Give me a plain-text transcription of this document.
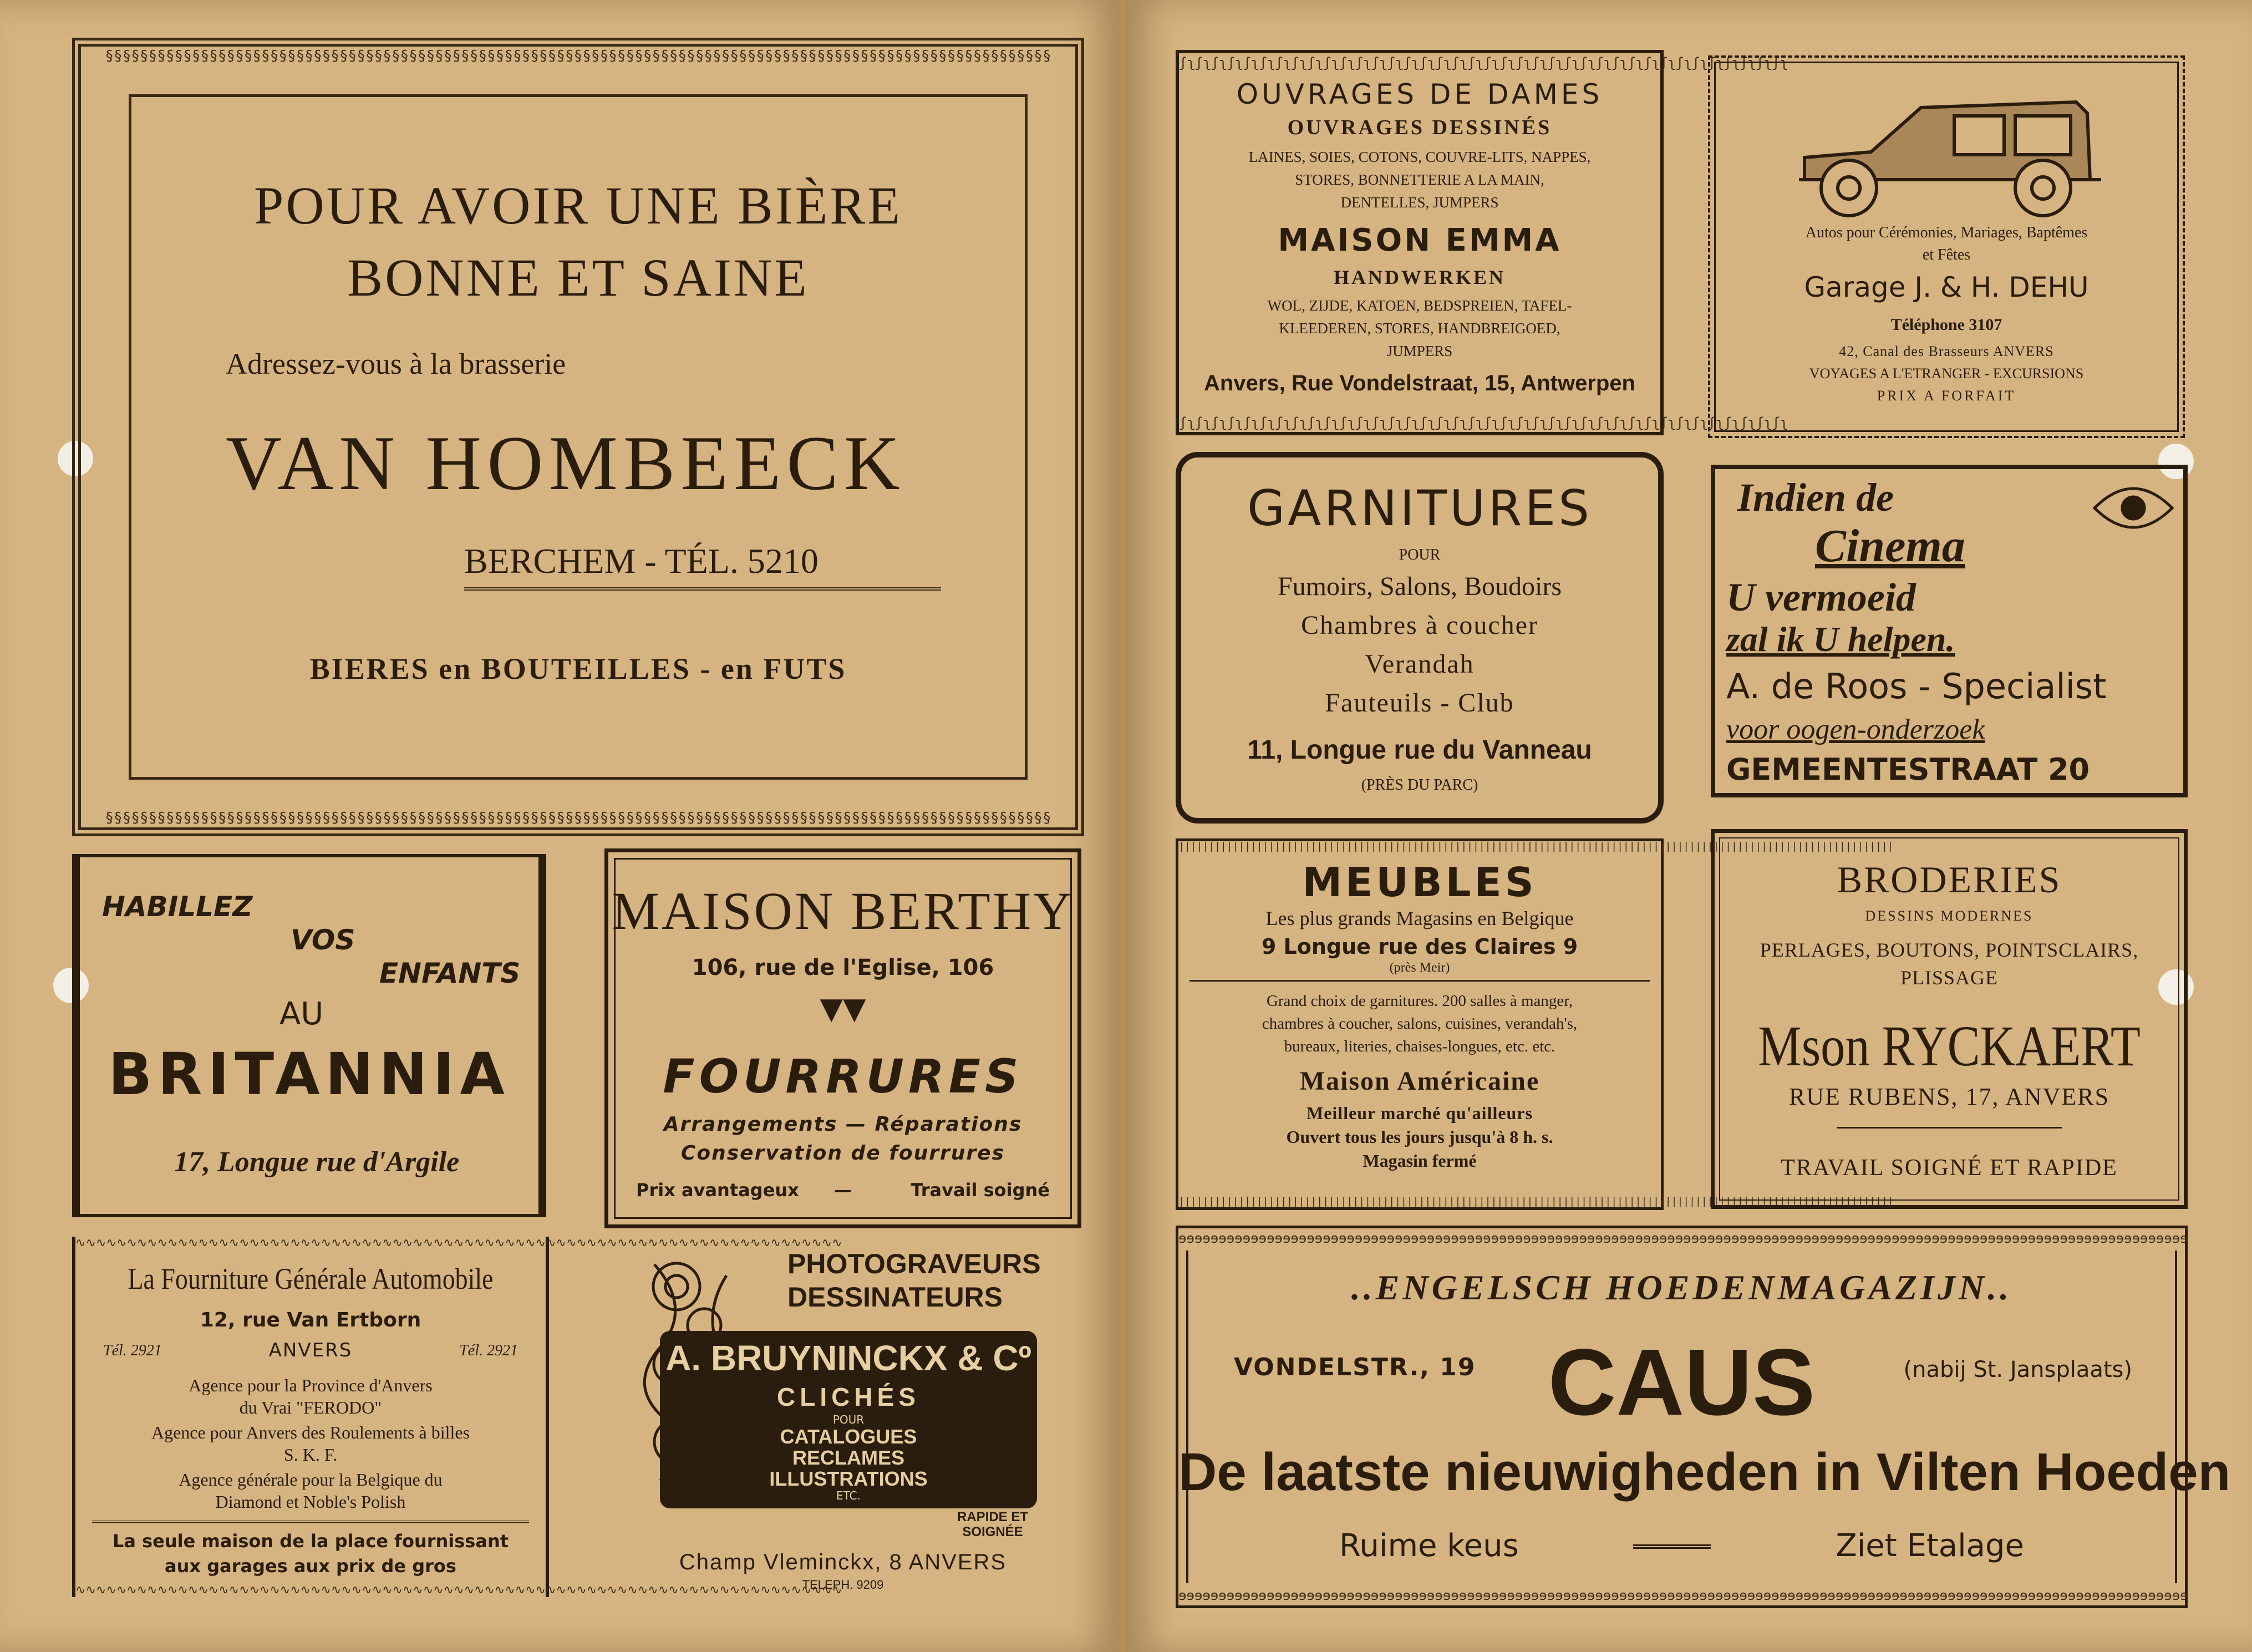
§§§§§§§§§§§§§§§§§§§§§§§§§§§§§§§§§§§§§§§§§§§§§§§§§§§§§§§§§§§§§§§§§§§§§§§§§§§§§§§§§§§§§§§§§§§§§§§§§§§§§§§§§§§§§
§§§§§§§§§§§§§§§§§§§§§§§§§§§§§§§§§§§§§§§§§§§§§§§§§§§§§§§§§§§§§§§§§§§§§§§§§§§§§§§§§§§§§§§§§§§§§§§§§§§§§§§§§§§§§
POUR AVOIR UNE BIÈRE
BONNE ET SAINE
Adressez-vous à la brasserie
VAN HOMBEECK
BERCHEM - TÉL. 5210
BIERES en BOUTEILLES - en FUTS
HABILLEZ
VOS
ENFANTS
AU
BRITANNIA
17, Longue rue d'Argile
MAISON BERTHY
106, rue de l'Eglise, 106
▼▼
FOURRURES
Arrangements — Réparations
Conservation de fourrures
Prix avantageux	—	Travail soigné
∿∿∿∿∿∿∿∿∿∿∿∿∿∿∿∿∿∿∿∿∿∿∿∿∿∿∿∿∿∿∿∿∿∿∿∿∿∿∿∿∿∿∿∿∿∿∿∿∿∿∿∿∿∿∿∿∿∿∿∿∿∿∿∿∿∿∿∿∿∿∿∿∿∿∿
∿∿∿∿∿∿∿∿∿∿∿∿∿∿∿∿∿∿∿∿∿∿∿∿∿∿∿∿∿∿∿∿∿∿∿∿∿∿∿∿∿∿∿∿∿∿∿∿∿∿∿∿∿∿∿∿∿∿∿∿∿∿∿∿∿∿∿∿∿∿∿∿∿∿∿
La Fourniture Générale Automobile
12, rue Van Ertborn
Tél. 2921	ANVERS	Tél. 2921
Agence pour la Province d'Anvers
du Vrai "FERODO"
Agence pour Anvers des Roulements à billes
S. K. F.
Agence générale pour la Belgique du
Diamond et Noble's Polish
La seule maison de la place fournissant
aux garages aux prix de gros
PHOTOGRAVEURS
DESSINATEURS
A. BRUYNINCKX & Cº
CLICHÉS
POUR
CATALOGUES
RECLAMES
ILLUSTRATIONS
ETC.	EXÉCUTION
RAPIDE ET
SOIGNÉE
Champ Vleminckx, 8 ANVERS
TELEPH. 9209
ʃʅʃʅʃʅʃʅʃʅʃʅʃʅʃʅʃʅʃʅʃʅʃʅʃʅʃʅʃʅʃʅʃʅʃʅʃʅʃʅʃʅʃʅʃʅʃʅʃʅʃʅʃʅʃʅʃʅʃʅʃʅʃʅʃʅʃʅʃʅʃʅʃʅʃʅ
ʃʅʃʅʃʅʃʅʃʅʃʅʃʅʃʅʃʅʃʅʃʅʃʅʃʅʃʅʃʅʃʅʃʅʃʅʃʅʃʅʃʅʃʅʃʅʃʅʃʅʃʅʃʅʃʅʃʅʃʅʃʅʃʅʃʅʃʅʃʅʃʅʃʅʃʅ
OUVRAGES DE DAMES
OUVRAGES DESSINÉS
LAINES, SOIES, COTONS, COUVRE-LITS, NAPPES,
STORES, BONNETTERIE A LA MAIN,
DENTELLES, JUMPERS
MAISON EMMA
HANDWERKEN
WOL, ZIJDE, KATOEN, BEDSPREIEN, TAFEL-
KLEEDEREN, STORES, HANDBREIGOED,
JUMPERS
Anvers, Rue Vondelstraat, 15, Antwerpen
Autos pour Cérémonies, Mariages, Baptêmes
et Fêtes
Garage J. & H. DEHU
Téléphone 3107
42, Canal des Brasseurs ANVERS
VOYAGES A L'ETRANGER - EXCURSIONS
PRIX A FORFAIT
GARNITURES
POUR
Fumoirs, Salons, Boudoirs
Chambres à coucher
Verandah
Fauteuils - Club
11, Longue rue du Vanneau
(PRÈS DU PARC)
Indien de
Cinema
U vermoeid
zal ik U helpen.
A. de Roos - Specialist
voor oogen-onderzoek
GEMEENTESTRAAT 20
|||||||||||||||||||||||||||||||||||||||||||||||||||||||||||||||||||||||||||||||||||||||||||||||||||||||||||||||||||||||
MEUBLES
Les plus grands Magasins en Belgique
9 Longue rue des Claires 9
(près Meir)
Grand choix de garnitures. 200 salles à manger,
chambres à coucher, salons, cuisines, verandah's,
bureaux, literies, chaises-longues, etc. etc.
Maison Américaine
Meilleur marché qu'ailleurs
Ouvert tous les jours jusqu'à 8 h. s.
Magasin fermé
|||||||||||||||||||||||||||||||||||||||||||||||||||||||||||||||||||||||||||||||||||||||||||||||||||||||||||||||||||||||
BRODERIES
DESSINS MODERNES
PERLAGES, BOUTONS, POINTSCLAIRS,
PLISSAGE
Mson RYCKAERT
RUE RUBENS, 17, ANVERS
TRAVAIL SOIGNÉ ET RAPIDE
ɘɘɘɘɘɘɘɘɘɘɘɘɘɘɘɘɘɘɘɘɘɘɘɘɘɘɘɘɘɘɘɘɘɘɘɘɘɘɘɘɘɘɘɘɘɘɘɘɘɘɘɘɘɘɘɘɘɘɘɘɘɘɘɘɘɘɘɘɘɘɘɘɘɘɘɘɘɘɘɘɘɘɘɘɘɘɘɘɘɘɘɘɘɘɘɘɘɘɘɘɘɘɘɘɘɘɘɘɘɘɘɘɘɘɘɘɘɘɘɘɘɘɘɘɘɘ
ɘɘɘɘɘɘɘɘɘɘɘɘɘɘɘɘɘɘɘɘɘɘɘɘɘɘɘɘɘɘɘɘɘɘɘɘɘɘɘɘɘɘɘɘɘɘɘɘɘɘɘɘɘɘɘɘɘɘɘɘɘɘɘɘɘɘɘɘɘɘɘɘɘɘɘɘɘɘɘɘɘɘɘɘɘɘɘɘɘɘɘɘɘɘɘɘɘɘɘɘɘɘɘɘɘɘɘɘɘɘɘɘɘɘɘɘɘɘɘɘɘɘɘɘɘɘ
..ENGELSCH HOEDENMAGAZIJN..
VONDELSTR., 19 CAUS	(nabij St. Jansplaats)
De laatste nieuwigheden in Vilten Hoeden
Ruime keus	Ziet Etalage
